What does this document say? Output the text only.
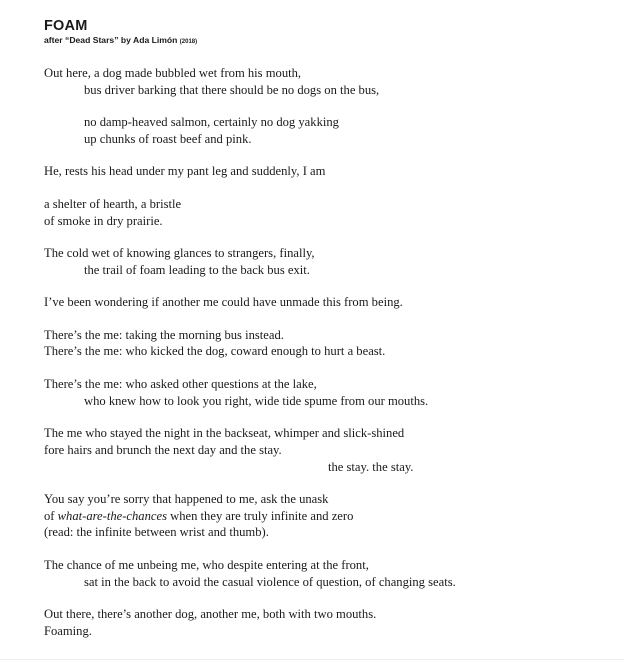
FOAM
after “Dead Stars” by Ada Limón (2018)
Out here, a dog made bubbled wet from his mouth,
bus driver barking that there should be no dogs on the bus,
no damp-heaved salmon, certainly no dog yakking
up chunks of roast beef and pink.
He, rests his head under my pant leg and suddenly, I am
a shelter of hearth, a bristle
of smoke in dry prairie.
The cold wet of knowing glances to strangers, finally,
the trail of foam leading to the back bus exit.
I’ve been wondering if another me could have unmade this from being.
There’s the me: taking the morning bus instead.
There’s the me: who kicked the dog, coward enough to hurt a beast.
There’s the me: who asked other questions at the lake,
who knew how to look you right, wide tide spume from our mouths.
The me who stayed the night in the backseat, whimper and slick-shined
fore hairs and brunch the next day and the stay.
the stay. the stay.
You say you’re sorry that happened to me, ask the unask
of what-are-the-chances when they are truly infinite and zero
(read: the infinite between wrist and thumb).
The chance of me unbeing me, who despite entering at the front,
sat in the back to avoid the casual violence of question, of changing seats.
Out there, there’s another dog, another me, both with two mouths.
Foaming.
